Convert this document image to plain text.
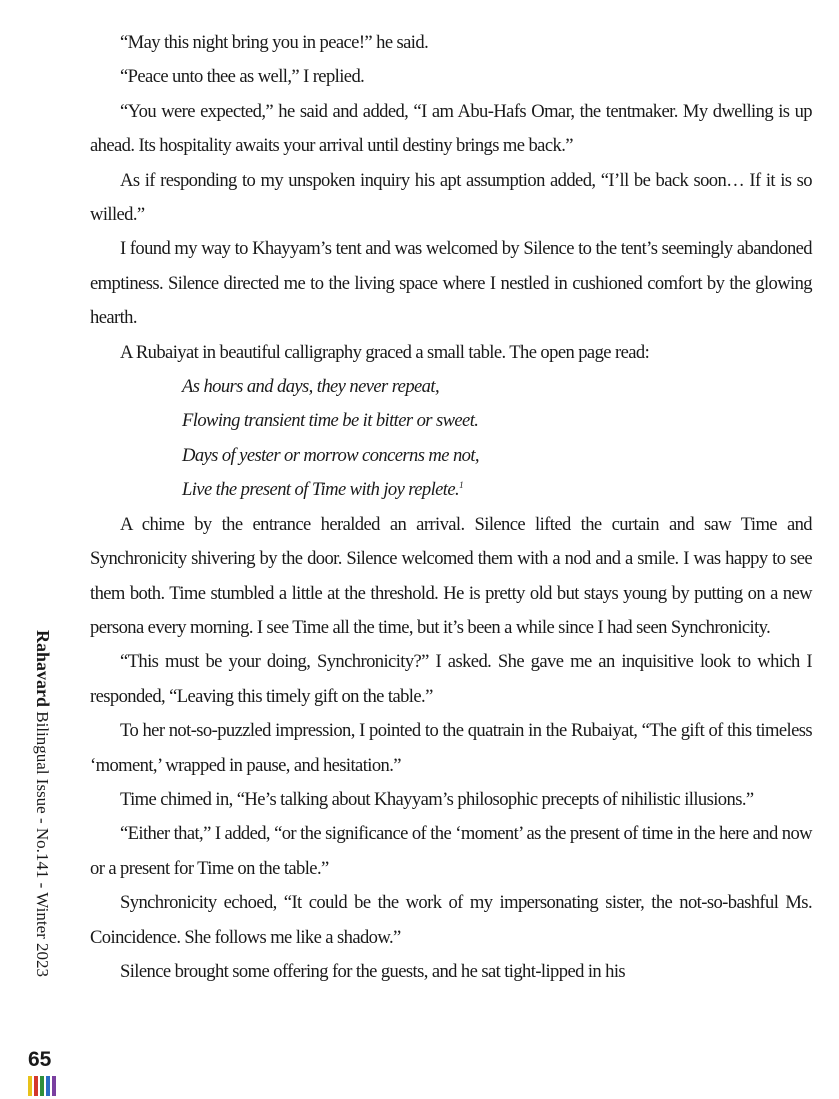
“May this night bring you in peace!” he said.

“Peace unto thee as well,” I replied.

“You were expected,” he said and added, “I am Abu-Hafs Omar, the tentmaker. My dwelling is up ahead. Its hospitality awaits your arrival until destiny brings me back.”

As if responding to my unspoken inquiry his apt assumption added, “I’ll be back soon… If it is so willed.”

I found my way to Khayyam’s tent and was welcomed by Silence to the tent’s seemingly abandoned emptiness. Silence directed me to the living space where I nestled in cushioned comfort by the glowing hearth.

A Rubaiyat in beautiful calligraphy graced a small table. The open page read:

As hours and days, they never repeat,

Flowing transient time be it bitter or sweet.

Days of yester or morrow concerns me not,

Live the present of Time with joy replete.$^1$

A chime by the entrance heralded an arrival. Silence lifted the curtain and saw Time and Synchronicity shivering by the door. Silence welcomed them with a nod and a smile. I was happy to see them both. Time stumbled a little at the threshold. He is pretty old but stays young by putting on a new persona every morning. I see Time all the time, but it’s been a while since I had seen Synchronicity.

“This must be your doing, Synchronicity?” I asked. She gave me an inquisitive look to which I responded, “Leaving this timely gift on the table.”

To her not-so-puzzled impression, I pointed to the quatrain in the Rubaiyat, “The gift of this timeless ‘moment,’ wrapped in pause, and hesitation.”

Time chimed in, “He’s talking about Khayyam’s philosophic precepts of nihilistic illusions.”

“Either that,” I added, “or the significance of the ‘moment’ as the present of time in the here and now or a present for Time on the table.”

Synchronicity echoed, “It could be the work of my impersonating sister, the not-so-bashful Ms. Coincidence. She follows me like a shadow.”

Silence brought some offering for the guests, and he sat tight-lipped in his

Rahavard Bilingual Issue - No.141 - Winter 2023
65
